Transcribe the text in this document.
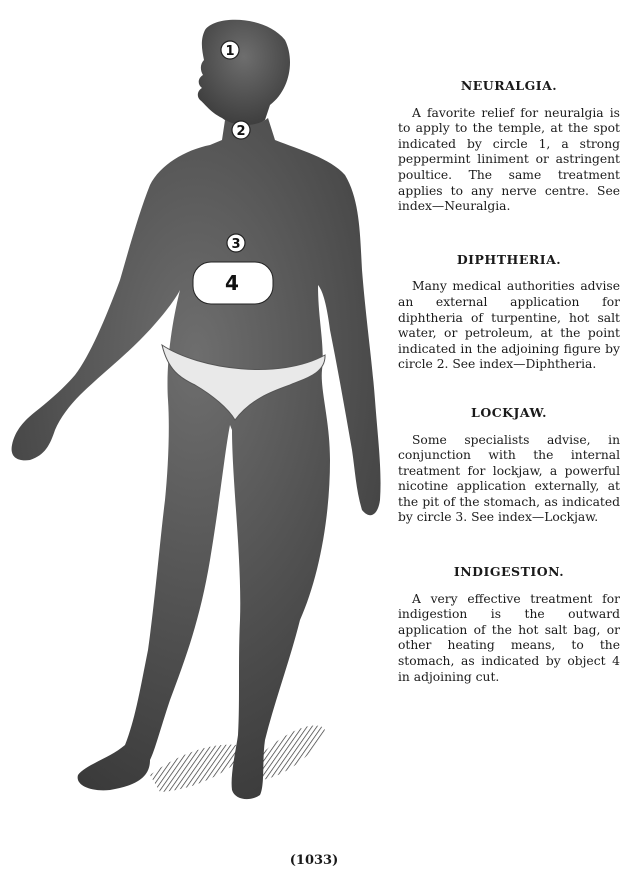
1
2
3
4
NEURALGIA.

A favorite relief for neuralgia is to apply to the temple, at the spot indicated by circle 1, a strong peppermint liniment or astringent poultice. The same treatment applies to any nerve centre. See index—Neuralgia.

DIPHTHERIA.

Many medical authorities advise an external application for diphtheria of turpentine, hot salt water, or petroleum, at the point indicated in the adjoining figure by circle 2. See index—Diphtheria.

LOCKJAW.

Some specialists advise, in conjunction with the internal treatment for lockjaw, a powerful nicotine application externally, at the pit of the stomach, as indicated by circle 3. See index—Lockjaw.

INDIGESTION.

A very effective treatment for indigestion is the outward application of the hot salt bag, or other heating means, to the stomach, as indicated by object 4 in adjoining cut.

(1033)
